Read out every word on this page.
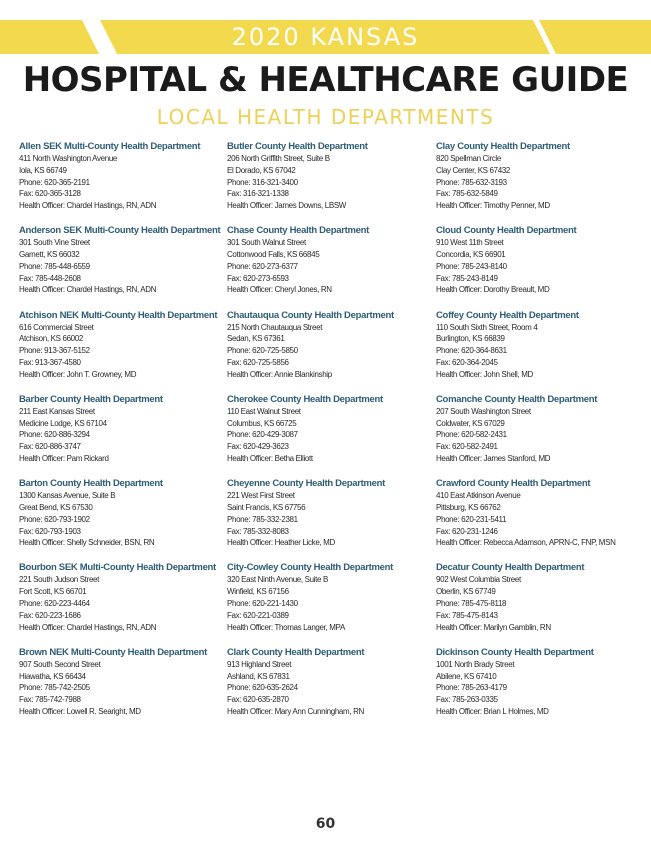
2020 KANSAS
HOSPITAL & HEALTHCARE GUIDE
LOCAL HEALTH DEPARTMENTS
Allen SEK Multi-County Health Department
411 North Washington Avenue
Iola, KS 66749
Phone: 620-365-2191
Fax: 620-365-3128
Health Officer: Chardel Hastings, RN, ADN
Anderson SEK Multi-County Health Department
301 South Vine Street
Garnett, KS 66032
Phone: 785-448-6559
Fax: 785-448-2608
Health Officer: Chardel Hastings, RN, ADN
Atchison NEK Multi-County Health Department
616 Commercial Street
Atchison, KS 66002
Phone: 913-367-5152
Fax: 913-367-4580
Health Officer: John T. Growney, MD
Barber County Health Department
211 East Kansas Street
Medicine Lodge, KS 67104
Phone: 620-886-3294
Fax: 620-886-3747
Health Officer: Pam Rickard
Barton County Health Department
1300 Kansas Avenue, Suite B
Great Bend, KS 67530
Phone: 620-793-1902
Fax: 620-793-1903
Health Officer: Shelly Schneider, BSN, RN
Bourbon SEK Multi-County Health Department
221 South Judson Street
Fort Scott, KS 66701
Phone: 620-223-4464
Fax: 620-223-1686
Health Officer: Chardel Hastings, RN, ADN
Brown NEK Multi-County Health Department
907 South Second Street
Hiawatha, KS 66434
Phone: 785-742-2505
Fax: 785-742-7988
Health Officer: Lowell R. Searight, MD
Butler County Health Department
206 North Griffith Street, Suite B
El Dorado, KS 67042
Phone: 316-321-3400
Fax: 316-321-1338
Health Officer: James Downs, LBSW
Chase County Health Department
301 South Walnut Street
Cottonwood Falls, KS 66845
Phone: 620-273-6377
Fax: 620-273-6593
Health Officer: Cheryl Jones, RN
Chautauqua County Health Department
215 North Chautauqua Street
Sedan, KS 67361
Phone: 620-725-5850
Fax: 620-725-5856
Health Officer: Annie Blankinship
Cherokee County Health Department
110 East Walnut Street
Columbus, KS 66725
Phone: 620-429-3087
Fax: 620-429-3623
Health Officer: Betha Elliott
Cheyenne County Health Department
221 West First Street
Saint Francis, KS 67756
Phone: 785-332-2381
Fax: 785-332-8083
Health Officer: Heather Licke, MD
City-Cowley County Health Department
320 East Ninth Avenue, Suite B
Winfield, KS 67156
Phone: 620-221-1430
Fax: 620-221-0389
Health Officer: Thomas Langer, MPA
Clark County Health Department
913 Highland Street
Ashland, KS 67831
Phone: 620-635-2624
Fax: 620-635-2870
Health Officer: Mary Ann Cunningham, RN
Clay County Health Department
820 Spellman Circle
Clay Center, KS 67432
Phone: 785-632-3193
Fax: 785-632-5849
Health Officer: Timothy Penner, MD
Cloud County Health Department
910 West 11th Street
Concordia, KS 66901
Phone: 785-243-8140
Fax: 785-243-8149
Health Officer: Dorothy Breault, MD
Coffey County Health Department
110 South Sixth Street, Room 4
Burlington, KS 66839
Phone: 620-364-8631
Fax: 620-364-2045
Health Officer: John Shell, MD
Comanche County Health Department
207 South Washington Street
Coldwater, KS 67029
Phone: 620-582-2431
Fax: 620-582-2491
Health Officer: James Stanford, MD
Crawford County Health Department
410 East Atkinson Avenue
Pittsburg, KS 66762
Phone: 620-231-5411
Fax: 620-231-1246
Health Officer: Rebecca Adamson, APRN-C, FNP, MSN
Decatur County Health Department
902 West Columbia Street
Oberlin, KS 67749
Phone: 785-475-8118
Fax: 785-475-8143
Health Officer: Marilyn Gamblin, RN
Dickinson County Health Department
1001 North Brady Street
Abilene, KS 67410
Phone: 785-263-4179
Fax: 785-263-0335
Health Officer: Brian L Holmes, MD
60
